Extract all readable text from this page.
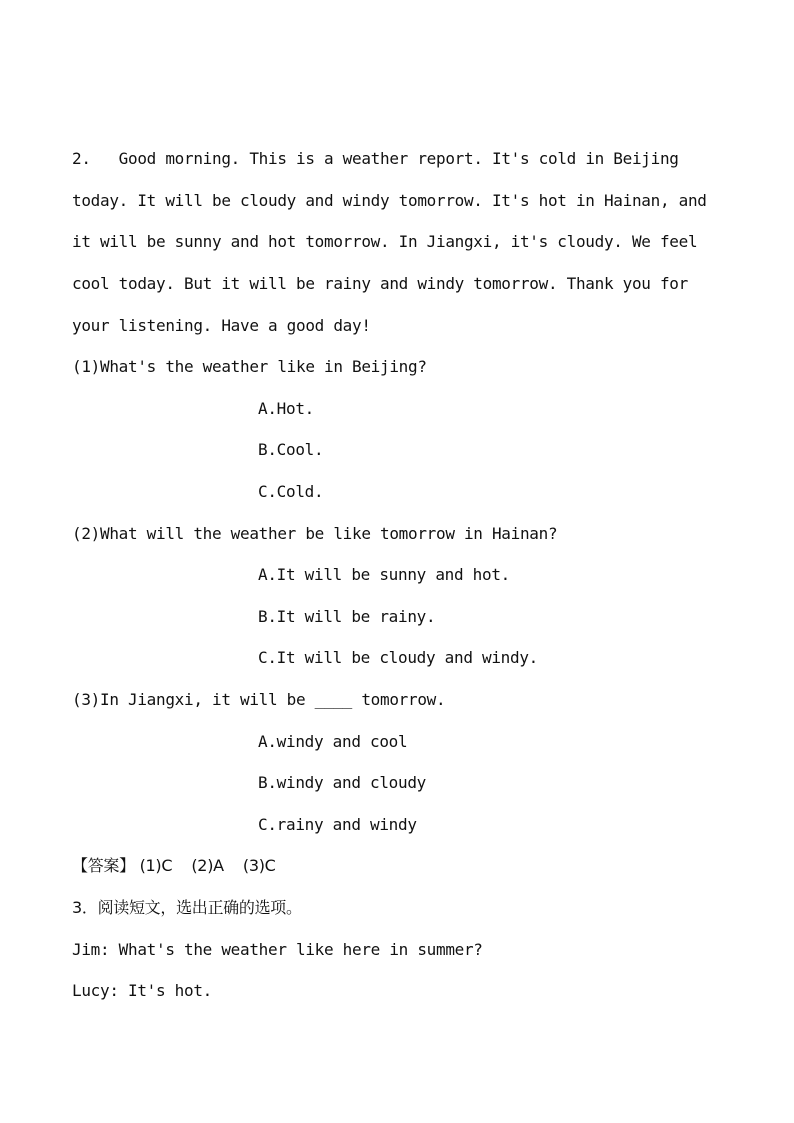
2. Good morning. This is a weather report. It's cold in Beijing
today. It will be cloudy and windy tomorrow. It's hot in Hainan, and
it will be sunny and hot tomorrow. In Jiangxi, it's cloudy. We feel
cool today. But it will be rainy and windy tomorrow. Thank you for
your listening. Have a good day!
(1)What's the weather like in Beijing?
A.Hot.
B.Cool.
C.Cold.
(2)What will the weather be like tomorrow in Hainan?
A.It will be sunny and hot.
B.It will be rainy.
C.It will be cloudy and windy.
(3)In Jiangxi, it will be ____ tomorrow.
A.windy and cool
B.windy and cloudy
C.rainy and windy
【答案】 (1)C    (2)A    (3)C
3．阅读短文，选出正确的选项。
Jim: What's the weather like here in summer?
Lucy: It's hot.
